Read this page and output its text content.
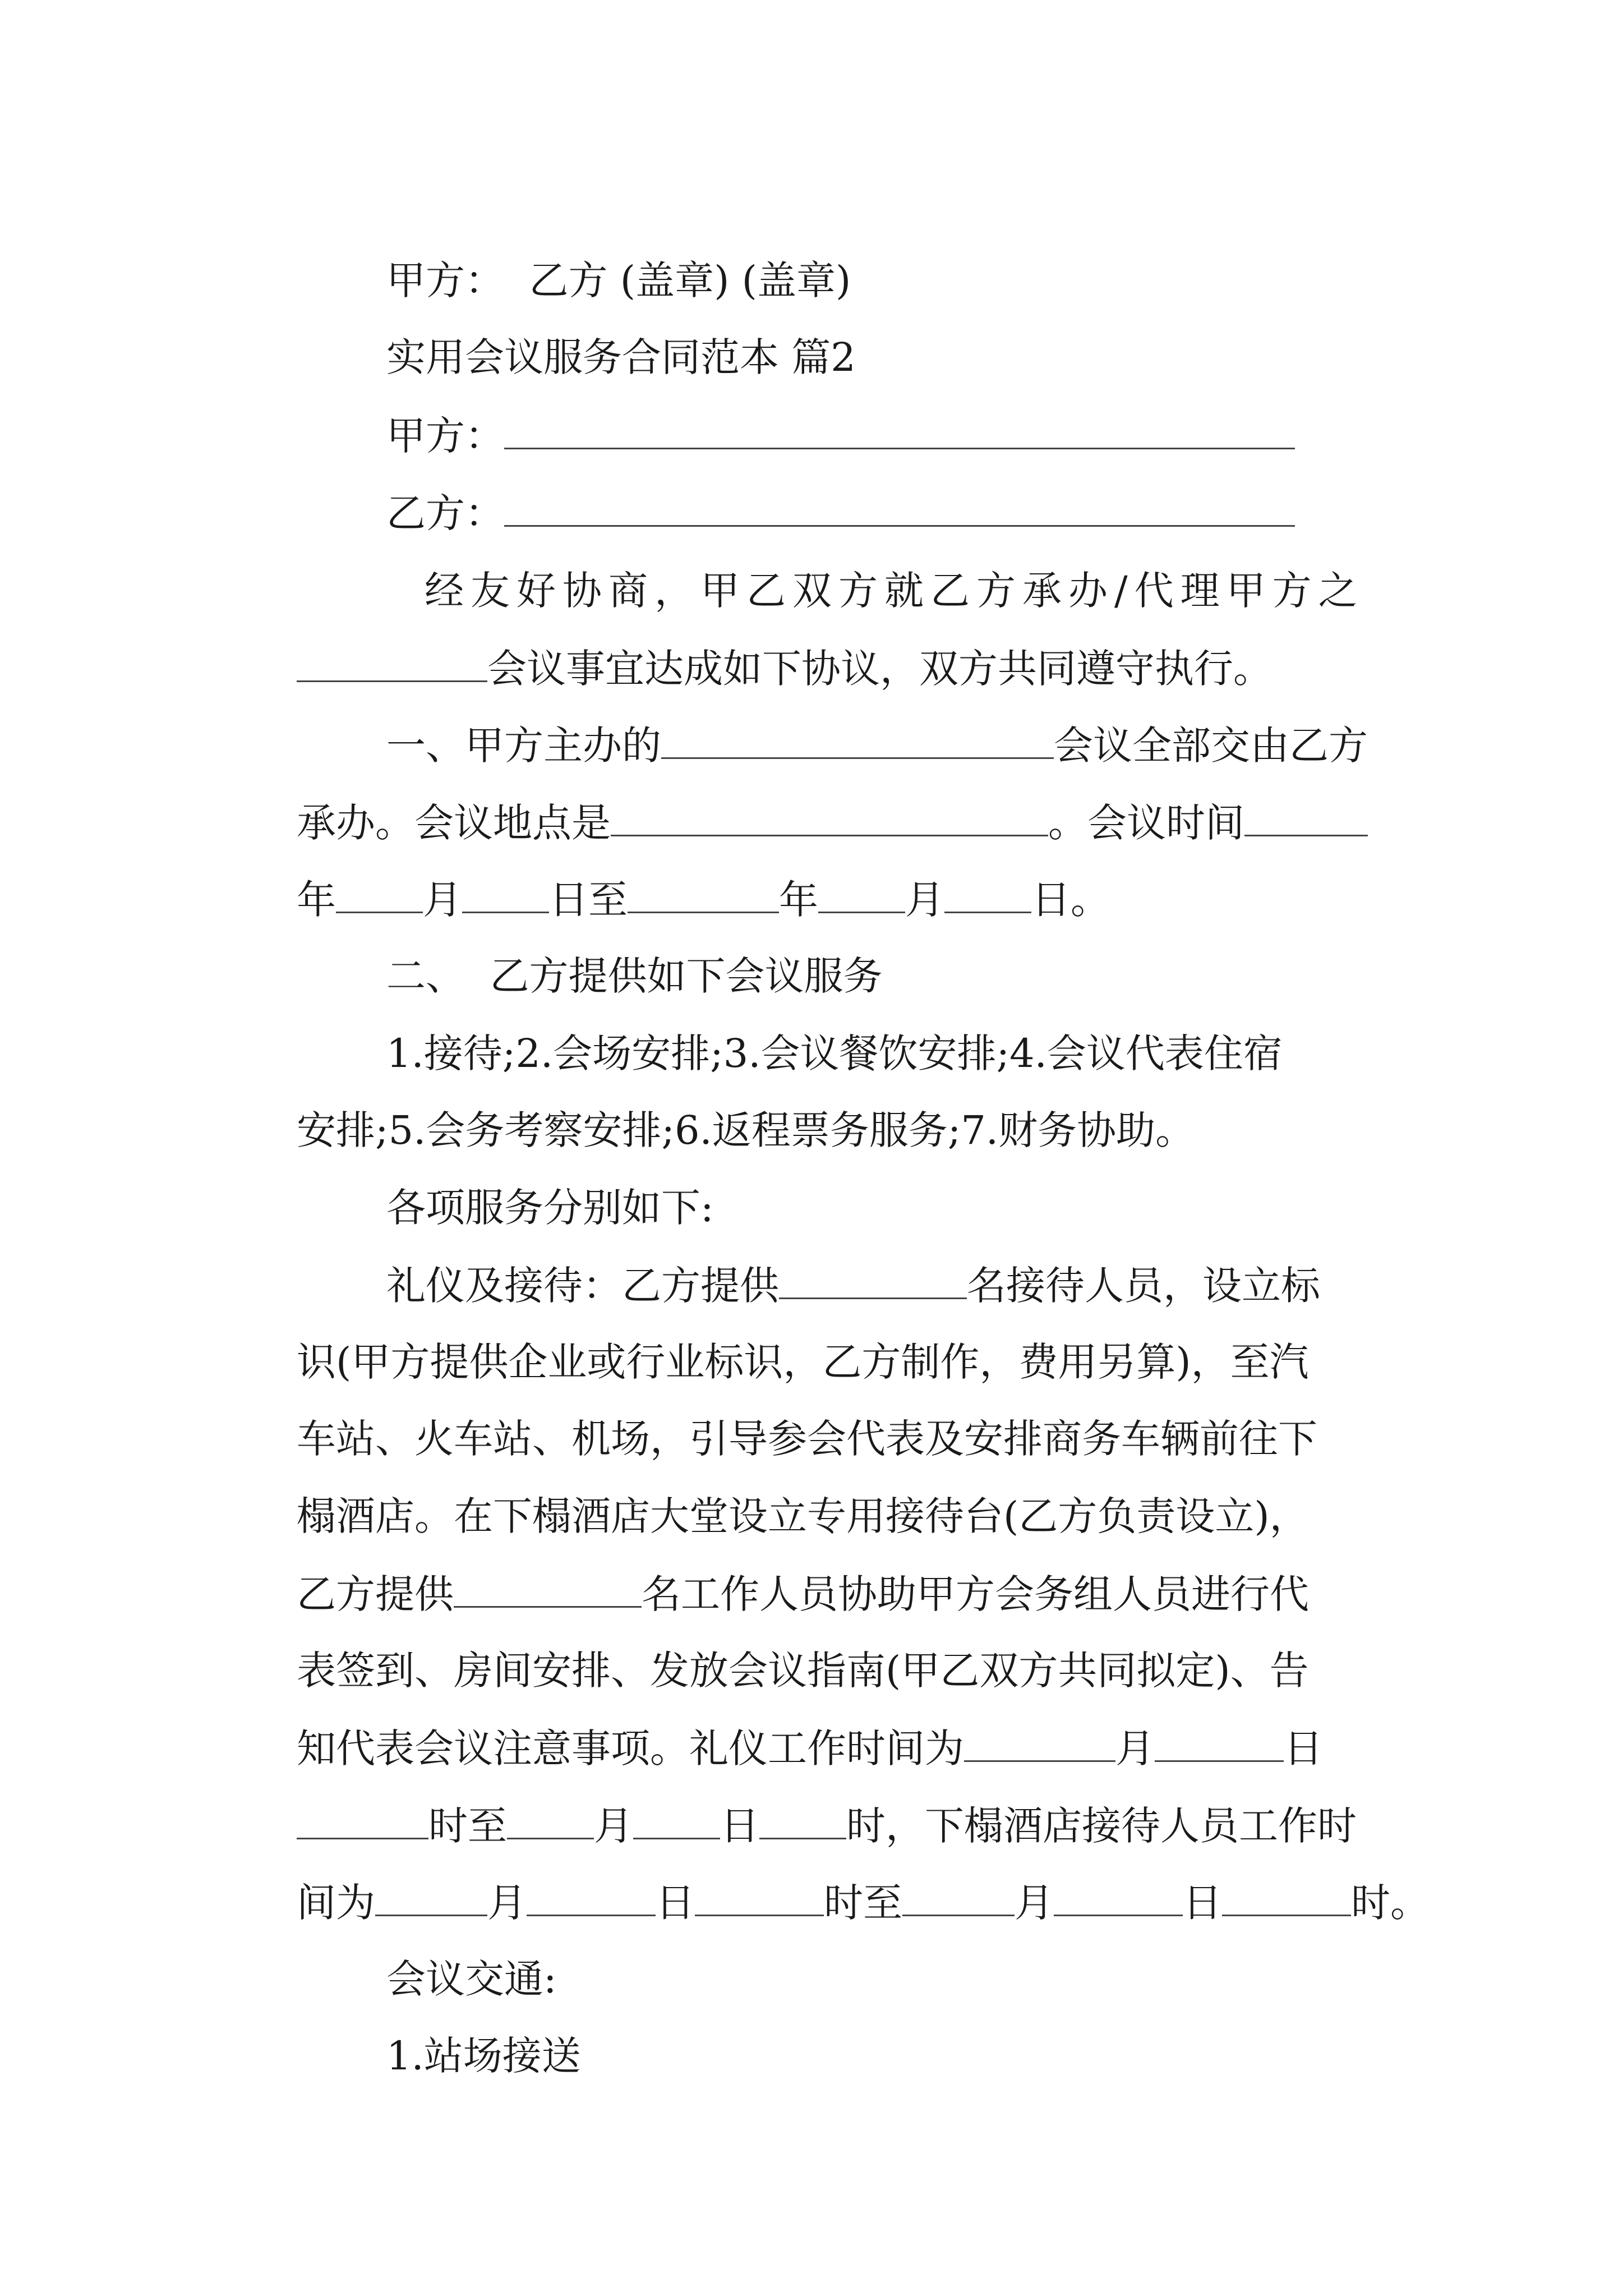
甲方：  乙方 (盖章) (盖章)

实用会议服务合同范本 篇2

甲方：

乙方：

经友好协商，甲乙双方就乙方承办/代理甲方之

会议事宜达成如下协议，双方共同遵守执行。

一、甲方主办的	会议全部交由乙方

承办。会议地点是	。会议时间

年 月 日至	年 月 日。

二、  乙方提供如下会议服务

1.接待;2.会场安排;3.会议餐饮安排;4.会议代表住宿

安排;5.会务考察安排;6.返程票务服务;7.财务协助。

各项服务分别如下:

礼仪及接待：乙方提供	名接待人员，设立标

识(甲方提供企业或行业标识，乙方制作，费用另算)，至汽

车站、火车站、机场，引导参会代表及安排商务车辆前往下

榻酒店。在下榻酒店大堂设立专用接待台(乙方负责设立)，

乙方提供	名工作人员协助甲方会务组人员进行代

表签到、房间安排、发放会议指南(甲乙双方共同拟定)、告

知代表会议注意事项。礼仪工作时间为	月	日

时至 月 日 时，下榻酒店接待人员工作时

间为	月	日	时至	月	日	时。

会议交通:

1.站场接送
